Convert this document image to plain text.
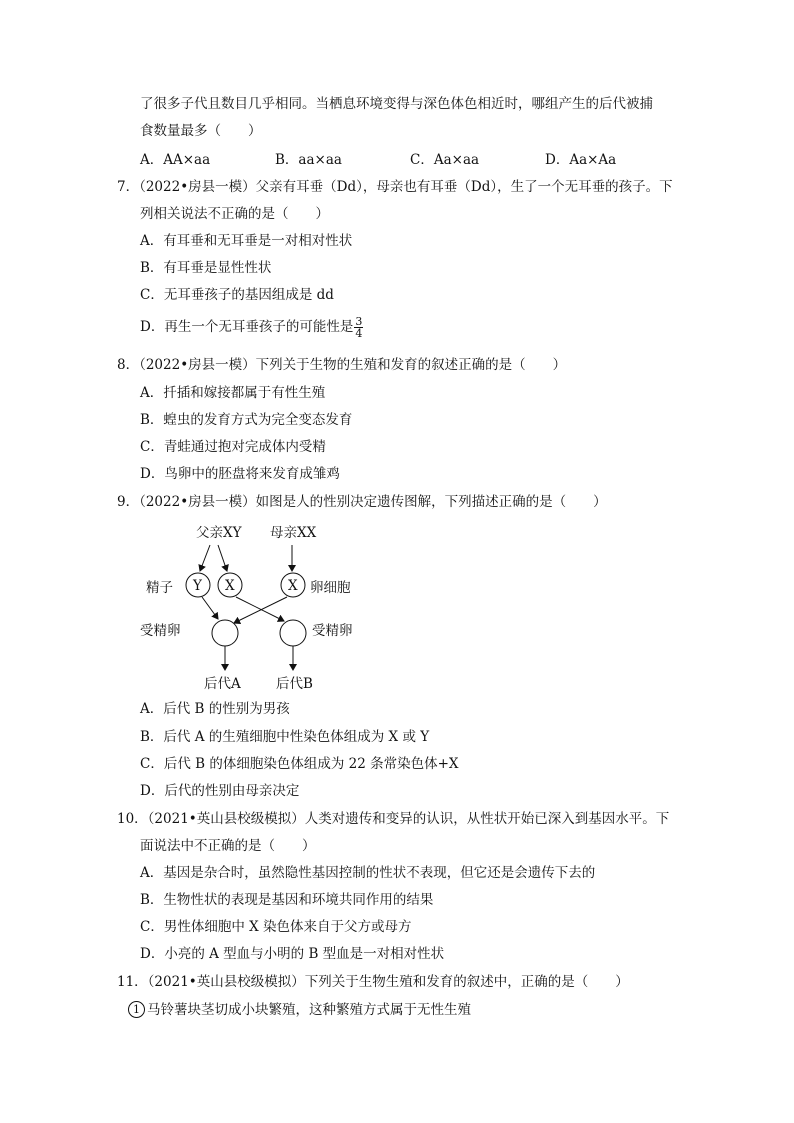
了很多子代且数目几乎相同。当栖息环境变得与深色体色相近时，哪组产生的后代被捕
食数量最多（　　）
A．AA×aa	B．aa×aa	C．Aa×aa	D．Aa×Aa
7．（2022•房县一模）父亲有耳垂（Dd），母亲也有耳垂（Dd），生了一个无耳垂的孩子。下
列相关说法不正确的是（　　）
A．有耳垂和无耳垂是一对相对性状
B．有耳垂是显性性状
C．无耳垂孩子的基因组成是 dd
D．再生一个无耳垂孩子的可能性是 $\frac{3}{4}$
8．（2022•房县一模）下列关于生物的生殖和发育的叙述正确的是（　　）
A．扦插和嫁接都属于有性生殖
B．蝗虫的发育方式为完全变态发育
C．青蛙通过抱对完成体内受精
D．鸟卵中的胚盘将来发育成雏鸡
9．（2022•房县一模）如图是人的性别决定遗传图解，下列描述正确的是（　　）
父亲XY 母亲XX
精子	卵细胞
受精卵	受精卵
后代A	后代B
Y X	X
A．后代 B 的性别为男孩
B．后代 A 的生殖细胞中性染色体组成为 X 或 Y
C．后代 B 的体细胞染色体组成为 22 条常染色体+X
D．后代的性别由母亲决定
10．（2021•英山县校级模拟）人类对遗传和变异的认识，从性状开始已深入到基因水平。下
面说法中不正确的是（　　）
A．基因是杂合时，虽然隐性基因控制的性状不表现，但它还是会遗传下去的
B．生物性状的表现是基因和环境共同作用的结果
C．男性体细胞中 X 染色体来自于父方或母方
D．小亮的 A 型血与小明的 B 型血是一对相对性状
11．（2021•英山县校级模拟）下列关于生物生殖和发育的叙述中，正确的是（　　）
1 马铃薯块茎切成小块繁殖，这种繁殖方式属于无性生殖
